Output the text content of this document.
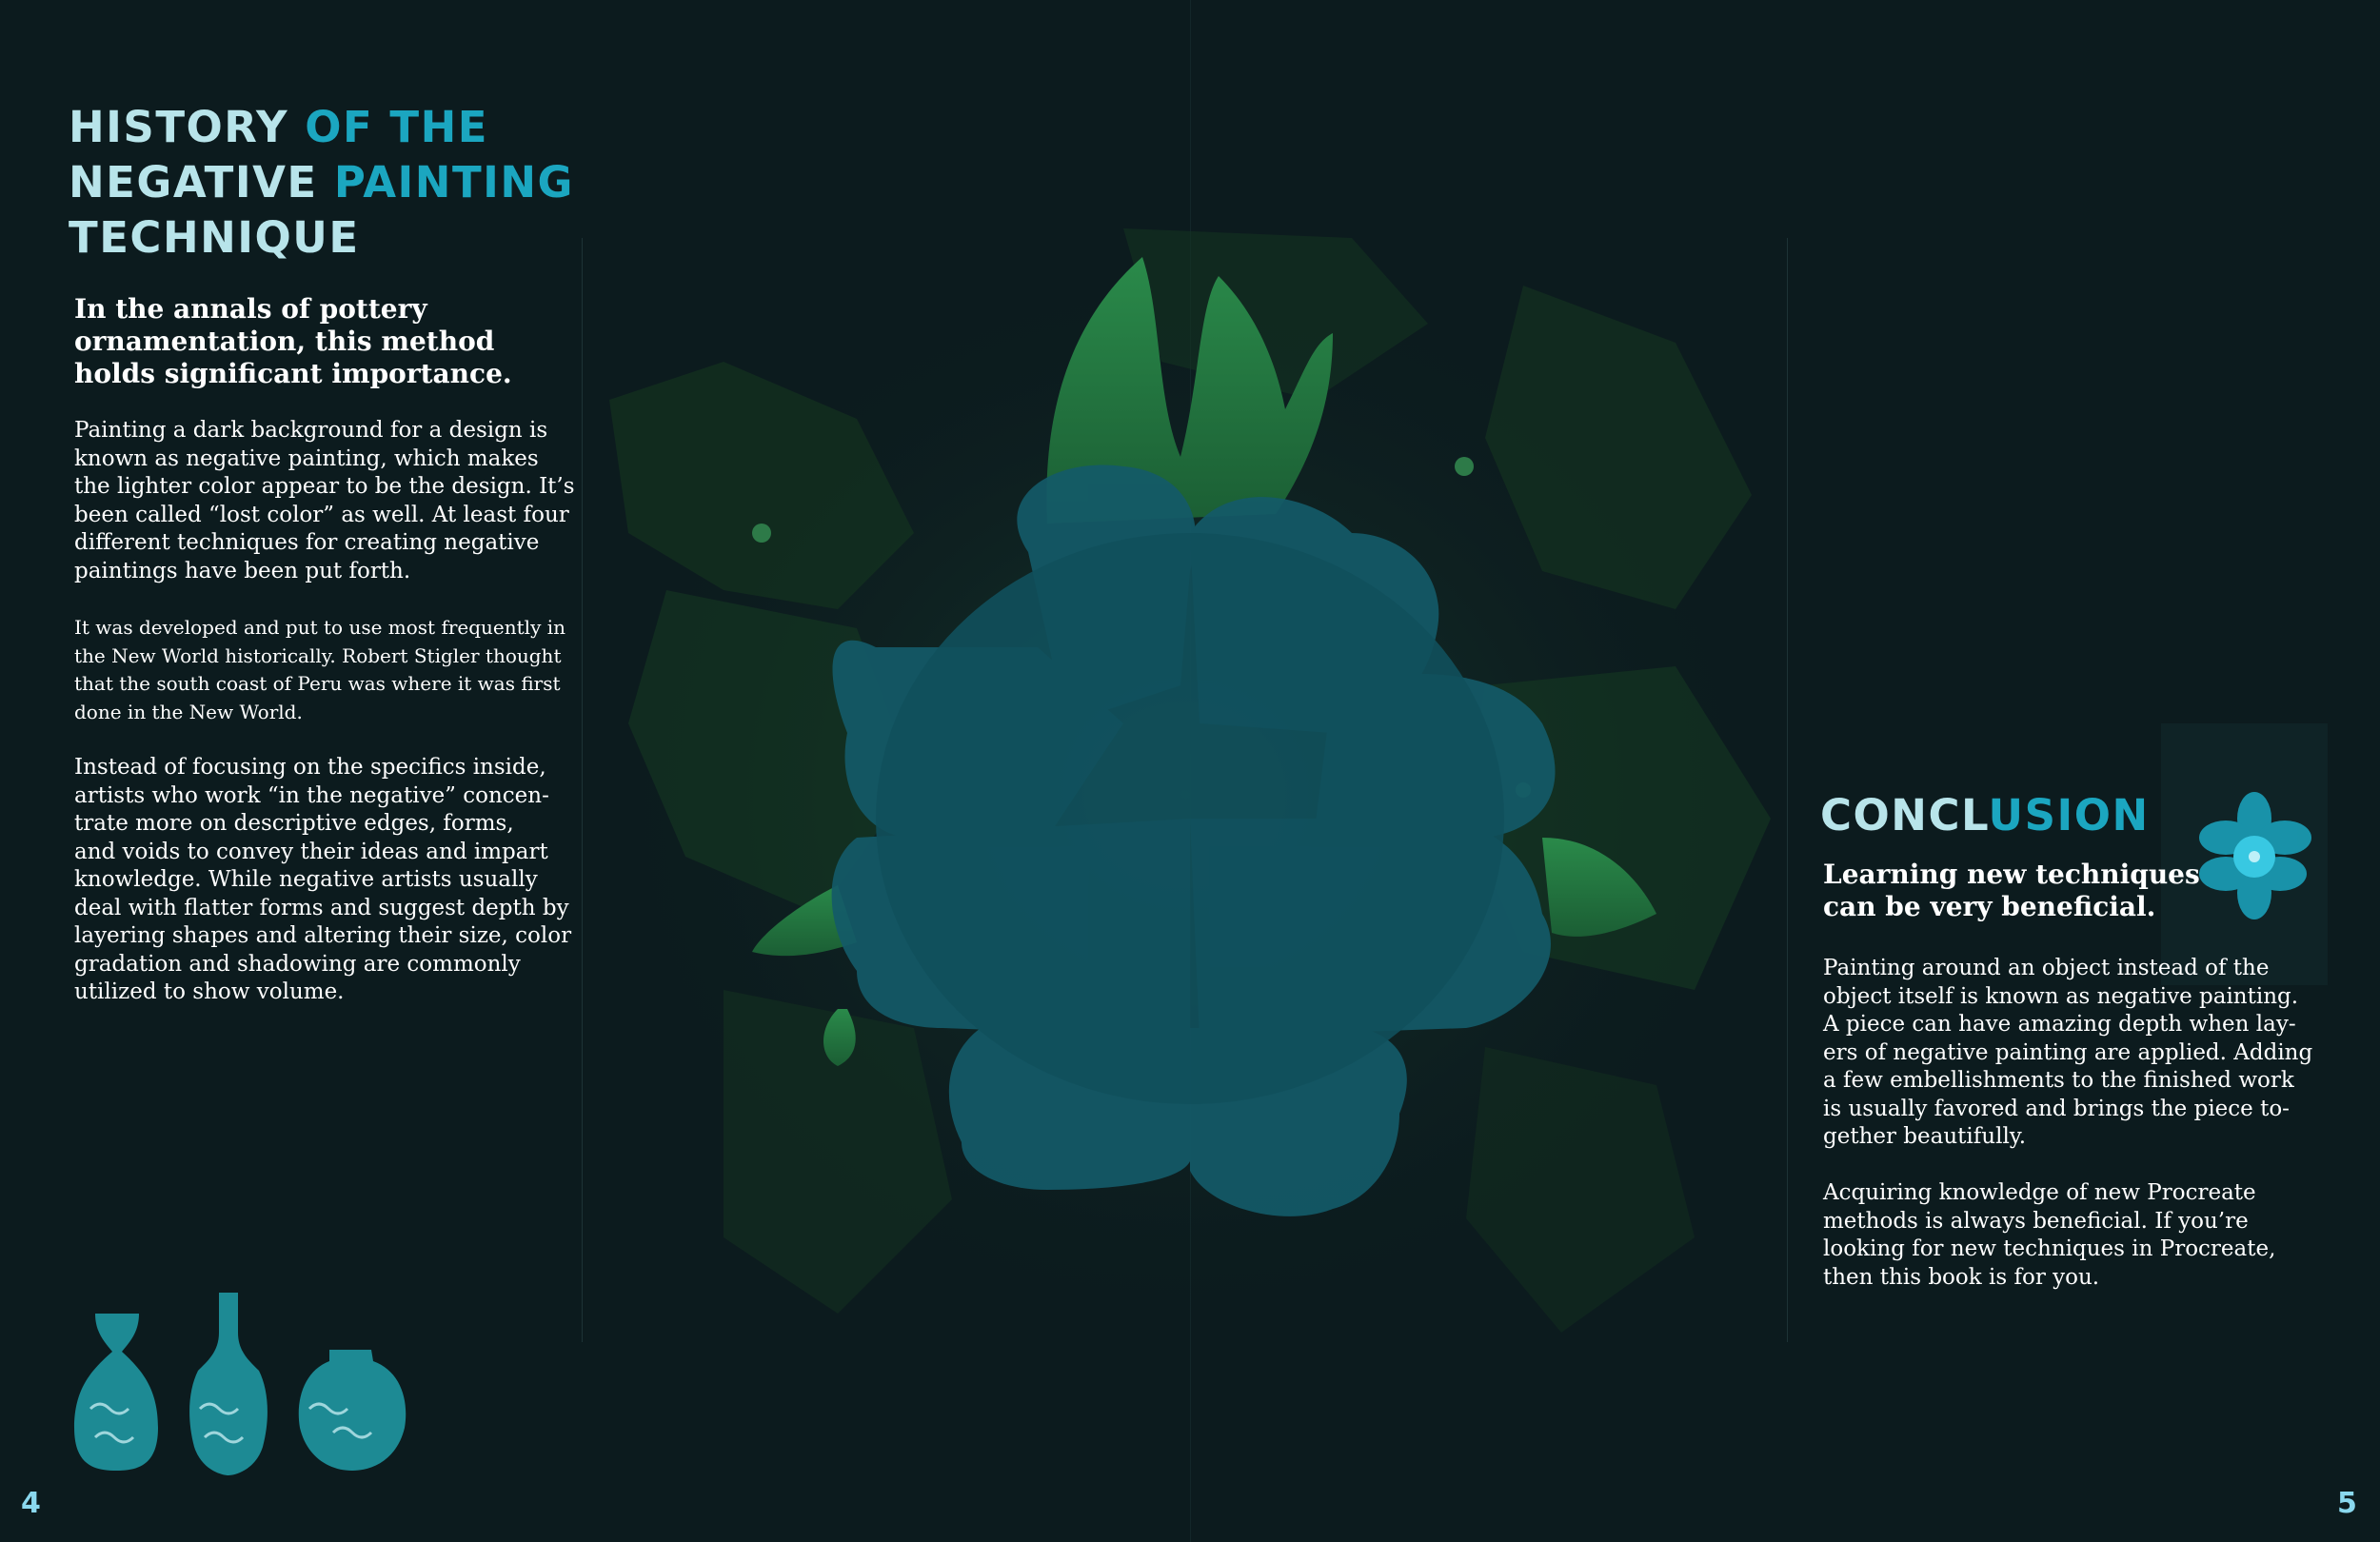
HISTORY OF THE
NEGATIVE PAINTING
TECHNIQUE

In the annals of pottery
ornamentation, this method
holds significant importance.

Painting a dark background for a design is
known as negative painting, which makes
the lighter color appear to be the design. It’s
been called “lost color” as well. At least four
different techniques for creating negative
paintings have been put forth.

It was developed and put to use most frequently in
the New World historically. Robert Stigler thought
that the south coast of Peru was where it was first
done in the New World.

Instead of focusing on the specifics inside,
artists who work “in the negative” concen-
trate more on descriptive edges, forms,
and voids to convey their ideas and impart
knowledge. While negative artists usually
deal with flatter forms and suggest depth by
layering shapes and altering their size, color
gradation and shadowing are commonly
utilized to show volume.

CONCLUSION

Learning new techniques
can be very beneficial.

Painting around an object instead of the
object itself is known as negative painting.
A piece can have amazing depth when lay-
ers of negative painting are applied. Adding
a few embellishments to the finished work
is usually favored and brings the piece to-
gether beautifully.

Acquiring knowledge of new Procreate
methods is always beneficial. If you’re
looking for new techniques in Procreate,
then this book is for you.

4	5
